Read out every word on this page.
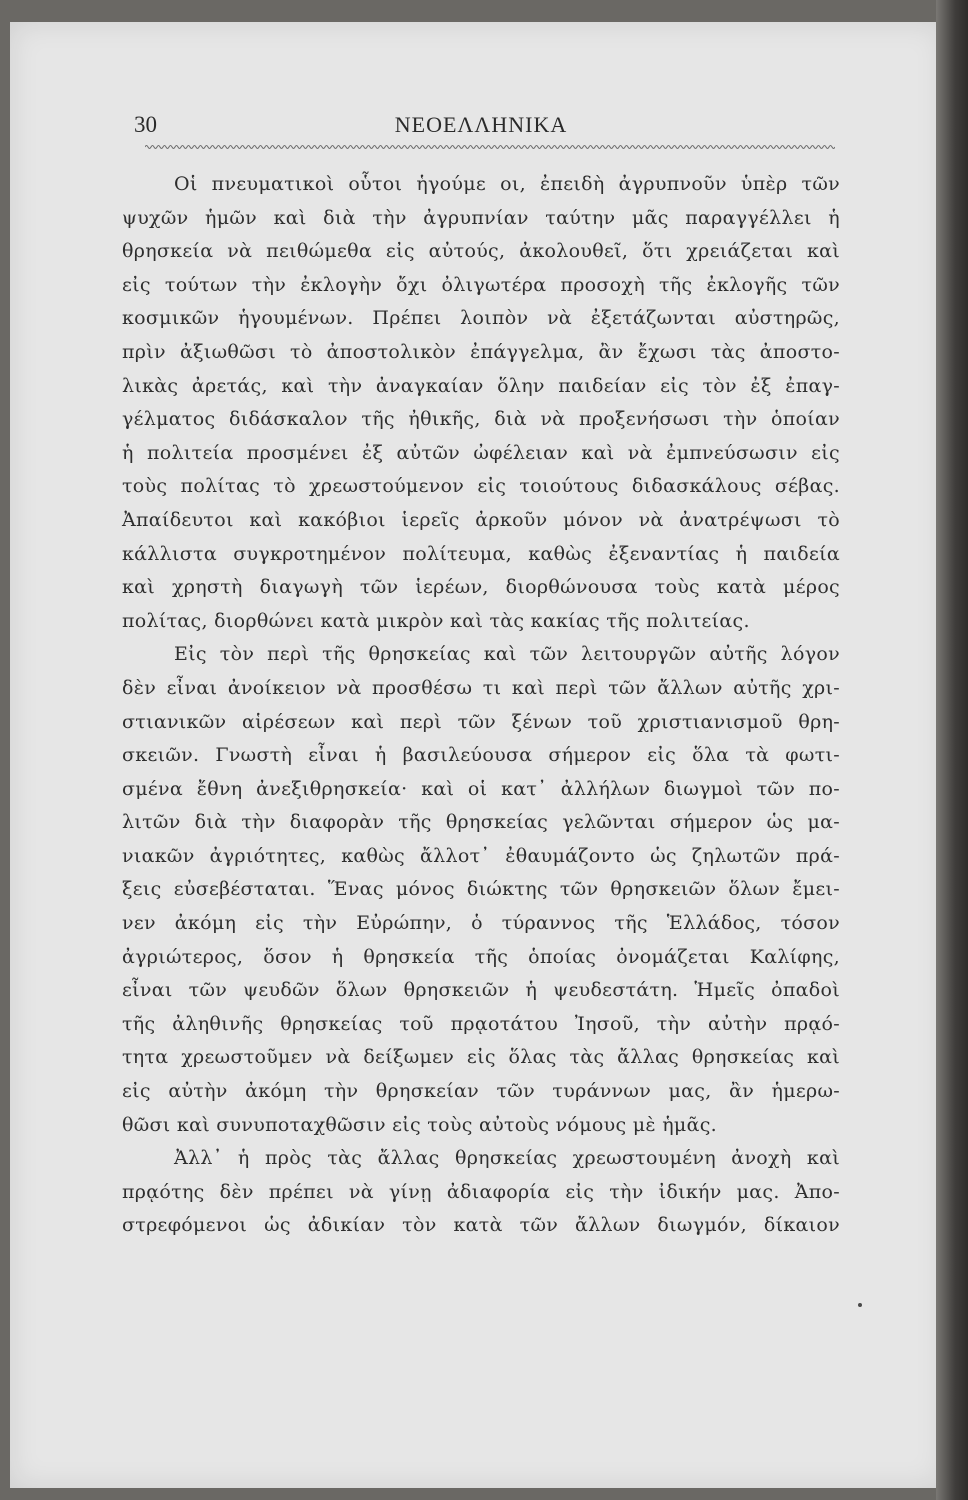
30	ΝΕΟΕΛΛΗΝΙΚΑ
Οἱ πνευματικοὶ οὗτοι ἡγούμε οι, ἐπειδὴ ἀγρυπνοῦν ὑπὲρ τῶν
ψυχῶν ἡμῶν καὶ διὰ τὴν ἀγρυπνίαν ταύτην μᾶς παραγγέλλει ἡ
θρησκεία νὰ πειθώμεθα εἰς αὐτούς, ἀκολουθεῖ, ὅτι χρειάζεται καὶ
εἰς τούτων τὴν ἐκλογὴν ὄχι ὀλιγωτέρα προσοχὴ τῆς ἐκλογῆς τῶν
κοσμικῶν ἡγουμένων. Πρέπει λοιπὸν νὰ ἐξετάζωνται αὐστηρῶς,
πρὶν ἀξιωθῶσι τὸ ἀποστολικὸν ἐπάγγελμα, ἂν ἔχωσι τὰς ἀποστο-
λικὰς ἀρετάς, καὶ τὴν ἀναγκαίαν ὅλην παιδείαν εἰς τὸν ἐξ ἐπαγ-
γέλματος διδάσκαλον τῆς ἠθικῆς, διὰ νὰ προξενήσωσι τὴν ὁποίαν
ἡ πολιτεία προσμένει ἐξ αὐτῶν ὠφέλειαν καὶ νὰ ἐμπνεύσωσιν εἰς
τοὺς πολίτας τὸ χρεωστούμενον εἰς τοιούτους διδασκάλους σέβας.
Ἀπαίδευτοι καὶ κακόβιοι ἱερεῖς ἀρκοῦν μόνον νὰ ἀνατρέψωσι τὸ
κάλλιστα συγκροτημένον πολίτευμα, καθὼς ἐξεναντίας ἡ παιδεία
καὶ χρηστὴ διαγωγὴ τῶν ἱερέων, διορθώνουσα τοὺς κατὰ μέρος
πολίτας, διορθώνει κατὰ μικρὸν καὶ τὰς κακίας τῆς πολιτείας.
Εἰς τὸν περὶ τῆς θρησκείας καὶ τῶν λειτουργῶν αὐτῆς λόγον
δὲν εἶναι ἀνοίκειον νὰ προσθέσω τι καὶ περὶ τῶν ἄλλων αὐτῆς χρι-
στιανικῶν αἱρέσεων καὶ περὶ τῶν ξένων τοῦ χριστιανισμοῦ θρη-
σκειῶν. Γνωστὴ εἶναι ἡ βασιλεύουσα σήμερον εἰς ὅλα τὰ φωτι-
σμένα ἔθνη ἀνεξιθρησκεία· καὶ οἱ κατ᾽ ἀλλήλων διωγμοὶ τῶν πο-
λιτῶν διὰ τὴν διαφορὰν τῆς θρησκείας γελῶνται σήμερον ὡς μα-
νιακῶν ἀγριότητες, καθὼς ἄλλοτ᾽ ἐθαυμάζοντο ὡς ζηλωτῶν πρά-
ξεις εὐσεβέσταται. Ἕνας μόνος διώκτης τῶν θρησκειῶν ὅλων ἔμει-
νεν ἀκόμη εἰς τὴν Εὐρώπην, ὁ τύραννος τῆς Ἑλλάδος, τόσον
ἀγριώτερος, ὅσον ἡ θρησκεία τῆς ὁποίας ὀνομάζεται Καλίφης,
εἶναι τῶν ψευδῶν ὅλων θρησκειῶν ἡ ψευδεστάτη. Ἡμεῖς ὀπαδοὶ
τῆς ἀληθινῆς θρησκείας τοῦ πρᾳοτάτου Ἰησοῦ, τὴν αὐτὴν πρᾳό-
τητα χρεωστοῦμεν νὰ δείξωμεν εἰς ὅλας τὰς ἄλλας θρησκείας καὶ
εἰς αὐτὴν ἀκόμη τὴν θρησκείαν τῶν τυράννων μας, ἂν ἡμερω-
θῶσι καὶ συνυποταχθῶσιν εἰς τοὺς αὐτοὺς νόμους μὲ ἡμᾶς.
Ἀλλ᾽ ἡ πρὸς τὰς ἄλλας θρησκείας χρεωστουμένη ἀνοχὴ καὶ
πρᾳότης δὲν πρέπει νὰ γίνῃ ἀδιαφορία εἰς τὴν ἰδικήν μας. Ἀπο-
στρεφόμενοι ὡς ἀδικίαν τὸν κατὰ τῶν ἄλλων διωγμόν, δίκαιον
